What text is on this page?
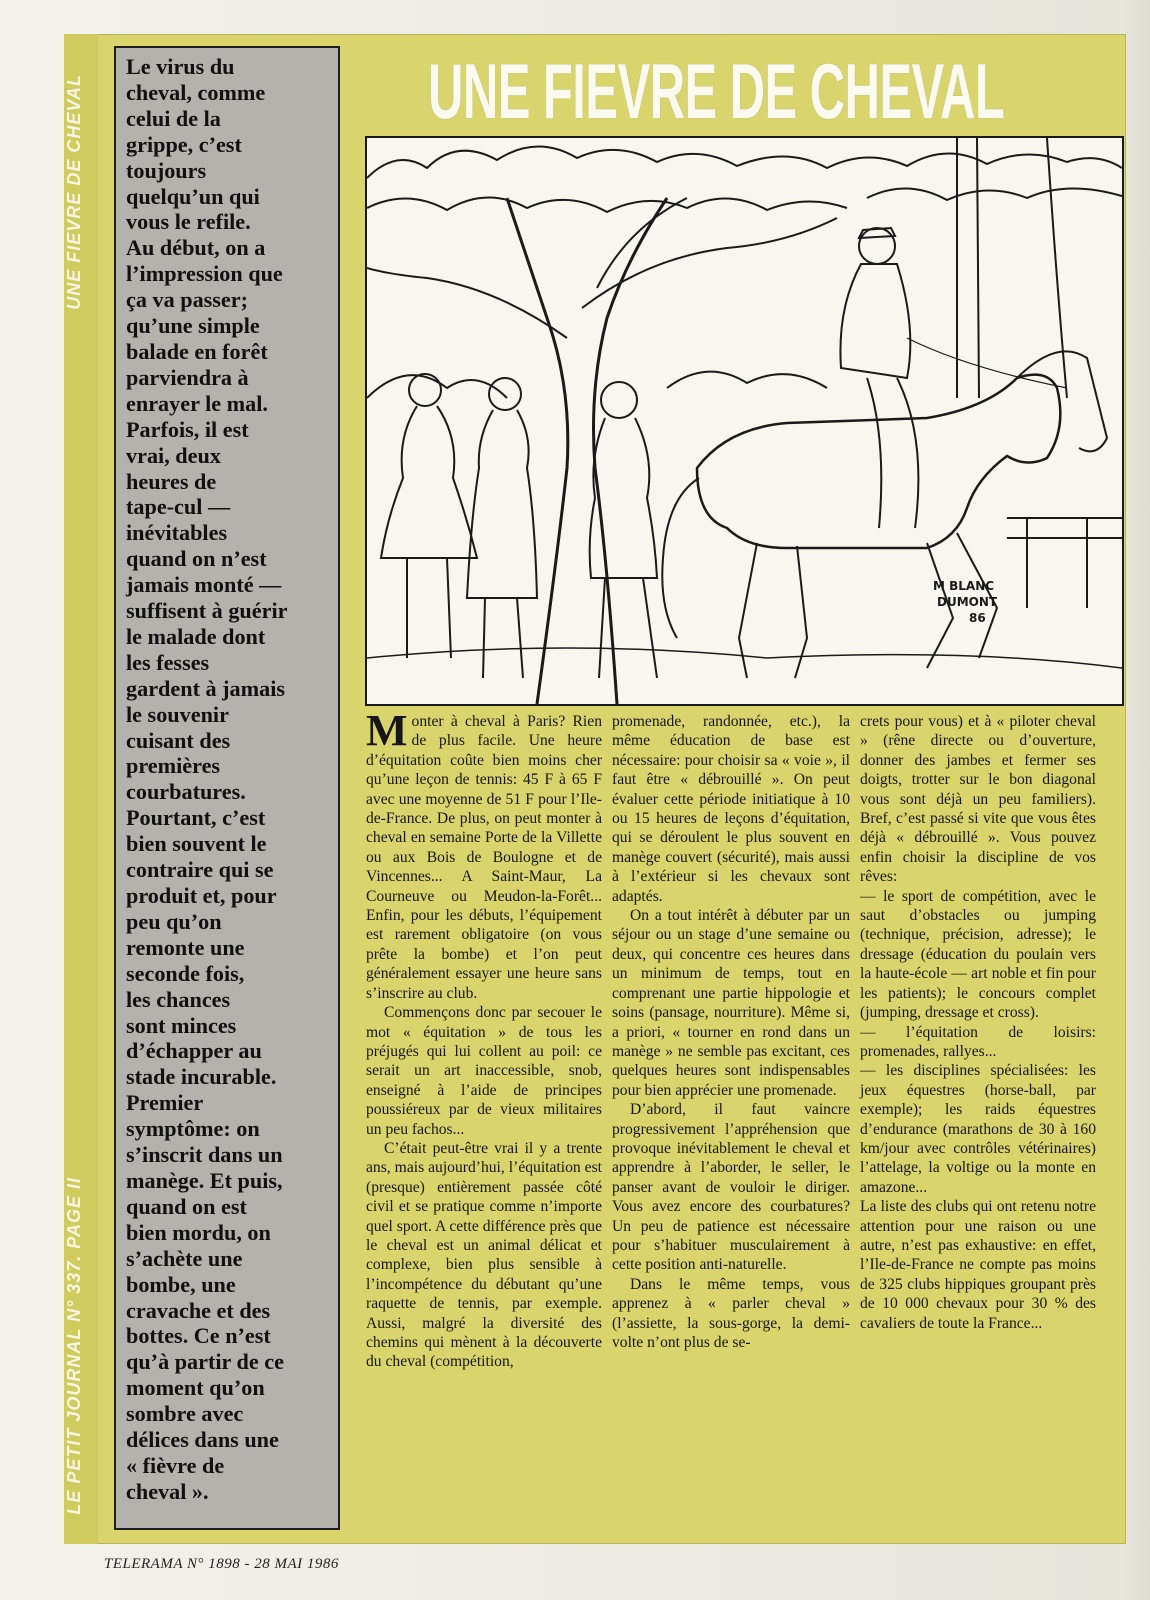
UNE FIEVRE DE CHEVAL
LE PETIT JOURNAL N° 337. PAGE II

Le virus du
cheval, comme
celui de la
grippe, c’est
toujours
quelqu’un qui
vous le refile.
Au début, on a
l’impression que
ça va passer;
qu’une simple
balade en forêt
parviendra à
enrayer le mal.
Parfois, il est
vrai, deux
heures de
tape-cul —
inévitables
quand on n’est
jamais monté —
suffisent à guérir
le malade dont
les fesses
gardent à jamais
le souvenir
cuisant des
premières
courbatures.
Pourtant, c’est
bien souvent le
contraire qui se
produit et, pour
peu qu’on
remonte une
seconde fois,
les chances
sont minces
d’échapper au
stade incurable.
Premier
symptôme: on
s’inscrit dans un
manège. Et puis,
quand on est
bien mordu, on
s’achète une
bombe, une
cravache et des
bottes. Ce n’est
qu’à partir de ce
moment qu’on
sombre avec
délices dans une
« fièvre de
cheval ».

UNE FIEVRE DE CHEVAL
M BLANC
DUMONT
86

Monter à cheval à Paris? Rien de plus facile. Une heure d’équitation coûte bien moins cher qu’une leçon de tennis: 45 F à 65 F avec une moyenne de 51 F pour l’Ile-de-France. De plus, on peut monter à cheval en semaine Porte de la Villette ou aux Bois de Boulogne et de Vincennes... A Saint-Maur, La Courneuve ou Meudon-la-Forêt... Enfin, pour les débuts, l’équipement est rarement obligatoire (on vous prête la bombe) et l’on peut généralement essayer une heure sans s’inscrire au club.

Commençons donc par secouer le mot « équitation » de tous les préjugés qui lui collent au poil: ce serait un art inaccessible, snob, enseigné à l’aide de principes poussiéreux par de vieux militaires un peu fachos...

C’était peut-être vrai il y a trente ans, mais aujourd’hui, l’équitation est (presque) entièrement passée côté civil et se pratique comme n’importe quel sport. A cette différence près que le cheval est un animal délicat et complexe, bien plus sensible à l’incompétence du débutant qu’une raquette de tennis, par exemple. Aussi, malgré la diversité des chemins qui mènent à la découverte du cheval (compétition,

promenade, randonnée, etc.), la même éducation de base est nécessaire: pour choisir sa « voie », il faut être « débrouillé ». On peut évaluer cette période initiatique à 10 ou 15 heures de leçons d’équitation, qui se déroulent le plus souvent en manège couvert (sécurité), mais aussi à l’extérieur si les chevaux sont adaptés.

On a tout intérêt à débuter par un séjour ou un stage d’une semaine ou deux, qui concentre ces heures dans un minimum de temps, tout en comprenant une partie hippologie et soins (pansage, nourriture). Même si, a priori, « tourner en rond dans un manège » ne semble pas excitant, ces quelques heures sont indispensables pour bien apprécier une promenade.

D’abord, il faut vaincre progressivement l’appréhension que provoque inévitablement le cheval et apprendre à l’aborder, le seller, le panser avant de vouloir le diriger. Vous avez encore des courbatures? Un peu de patience est nécessaire pour s’habituer musculairement à cette position anti-naturelle.

Dans le même temps, vous apprenez à « parler cheval » (l’assiette, la sous-gorge, la demi-volte n’ont plus de se-

crets pour vous) et à « piloter cheval » (rêne directe ou d’ouverture, donner des jambes et fermer ses doigts, trotter sur le bon diagonal vous sont déjà un peu familiers). Bref, c’est passé si vite que vous êtes déjà « débrouillé ». Vous pouvez enfin choisir la discipline de vos rêves:

— le sport de compétition, avec le saut d’obstacles ou jumping (technique, précision, adresse); le dressage (éducation du poulain vers la haute-école — art noble et fin pour les patients); le concours complet (jumping, dressage et cross).

— l’équitation de loisirs: promenades, rallyes...

— les disciplines spécialisées: les jeux équestres (horse-ball, par exemple); les raids équestres d’endurance (marathons de 30 à 160 km/jour avec contrôles vétérinaires) l’attelage, la voltige ou la monte en amazone...

La liste des clubs qui ont retenu notre attention pour une raison ou une autre, n’est pas exhaustive: en effet, l’Ile-de-France ne compte pas moins de 325 clubs hippiques groupant près de 10 000 chevaux pour 30 % des cavaliers de toute la France...

TELERAMA N° 1898 - 28 MAI 1986
